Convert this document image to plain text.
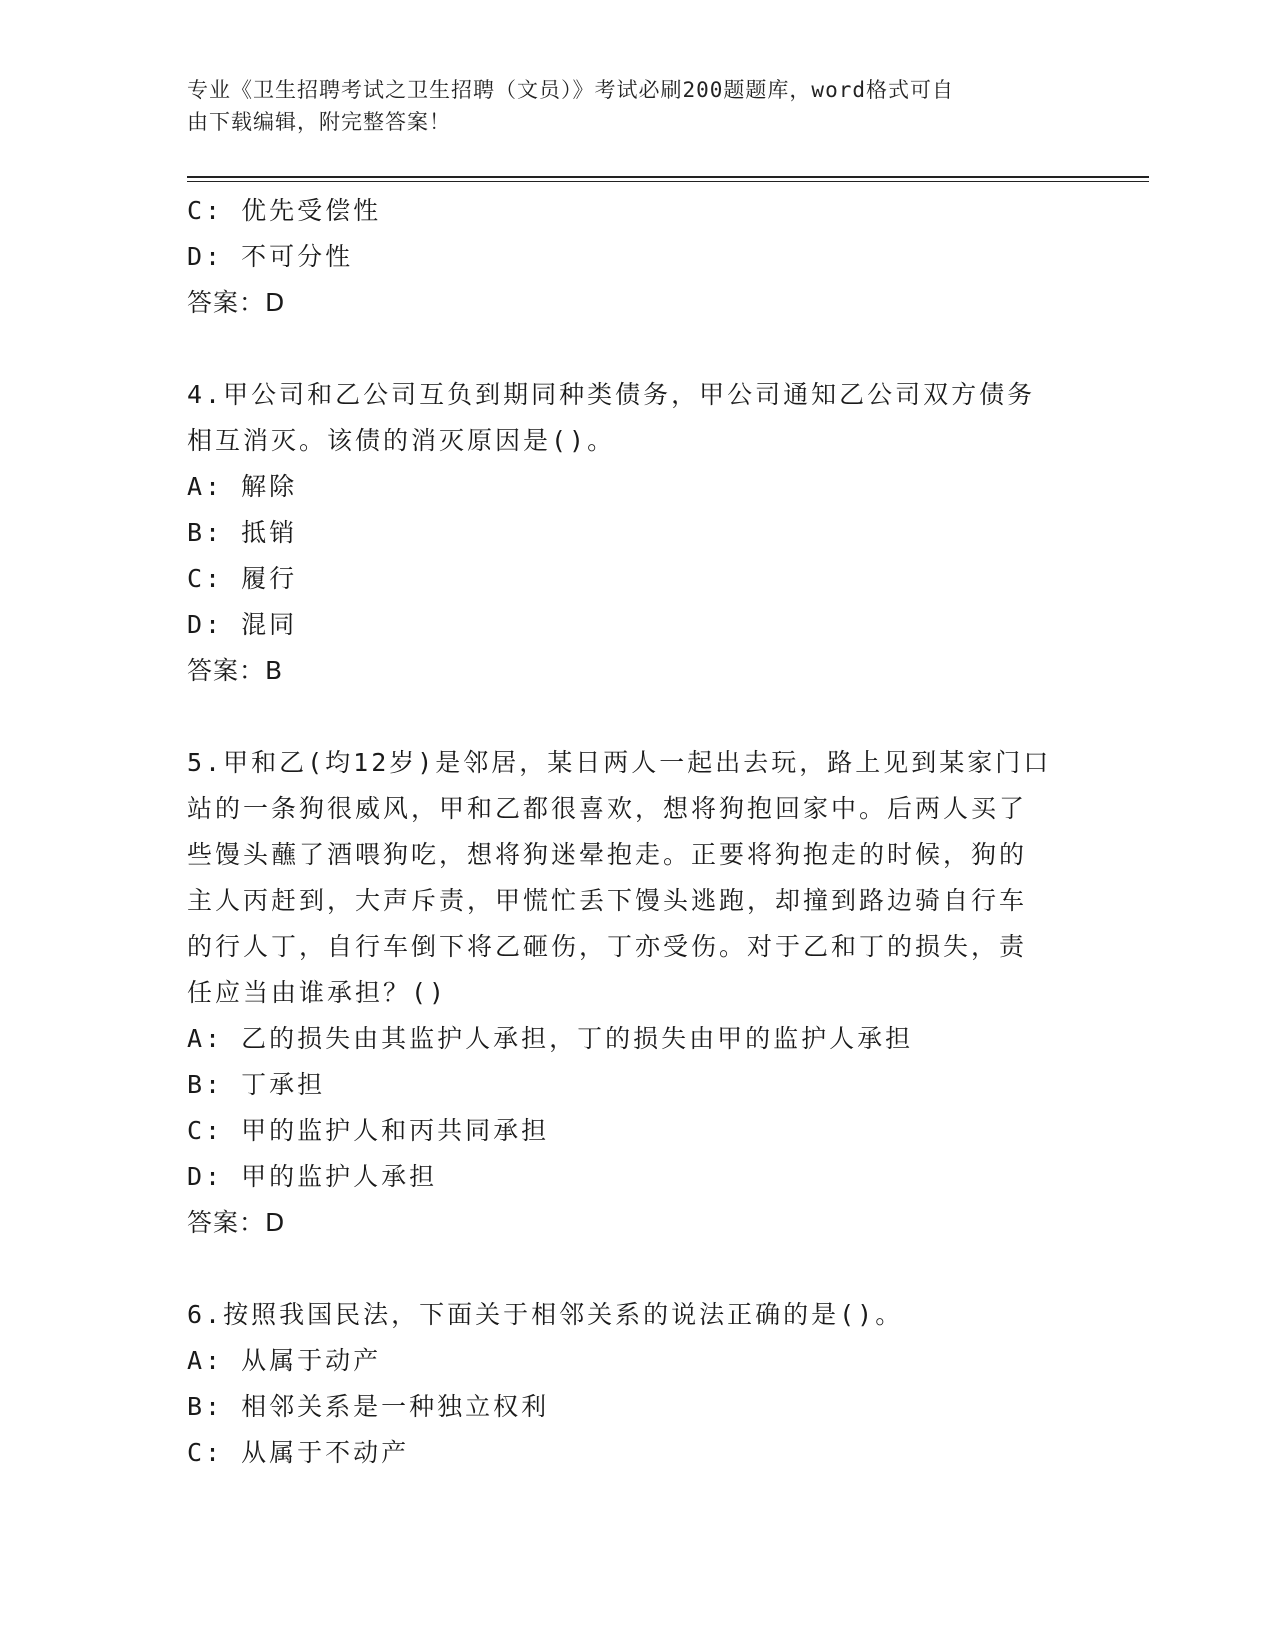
专业《卫生招聘考试之卫生招聘（文员）》考试必刷200题题库，word格式可自
由下载编辑，附完整答案！
C: 优先受偿性
D: 不可分性
答案：D
4.甲公司和乙公司互负到期同种类债务，甲公司通知乙公司双方债务
相互消灭。该债的消灭原因是()。
A: 解除
B: 抵销
C: 履行
D: 混同
答案：B
5.甲和乙(均12岁)是邻居，某日两人一起出去玩，路上见到某家门口
站的一条狗很威风，甲和乙都很喜欢，想将狗抱回家中。后两人买了
些馒头蘸了酒喂狗吃，想将狗迷晕抱走。正要将狗抱走的时候，狗的
主人丙赶到，大声斥责，甲慌忙丢下馒头逃跑，却撞到路边骑自行车
的行人丁，自行车倒下将乙砸伤，丁亦受伤。对于乙和丁的损失，责
任应当由谁承担？()
A: 乙的损失由其监护人承担，丁的损失由甲的监护人承担
B: 丁承担
C: 甲的监护人和丙共同承担
D: 甲的监护人承担
答案：D
6.按照我国民法，下面关于相邻关系的说法正确的是()。
A: 从属于动产
B: 相邻关系是一种独立权利
C: 从属于不动产
